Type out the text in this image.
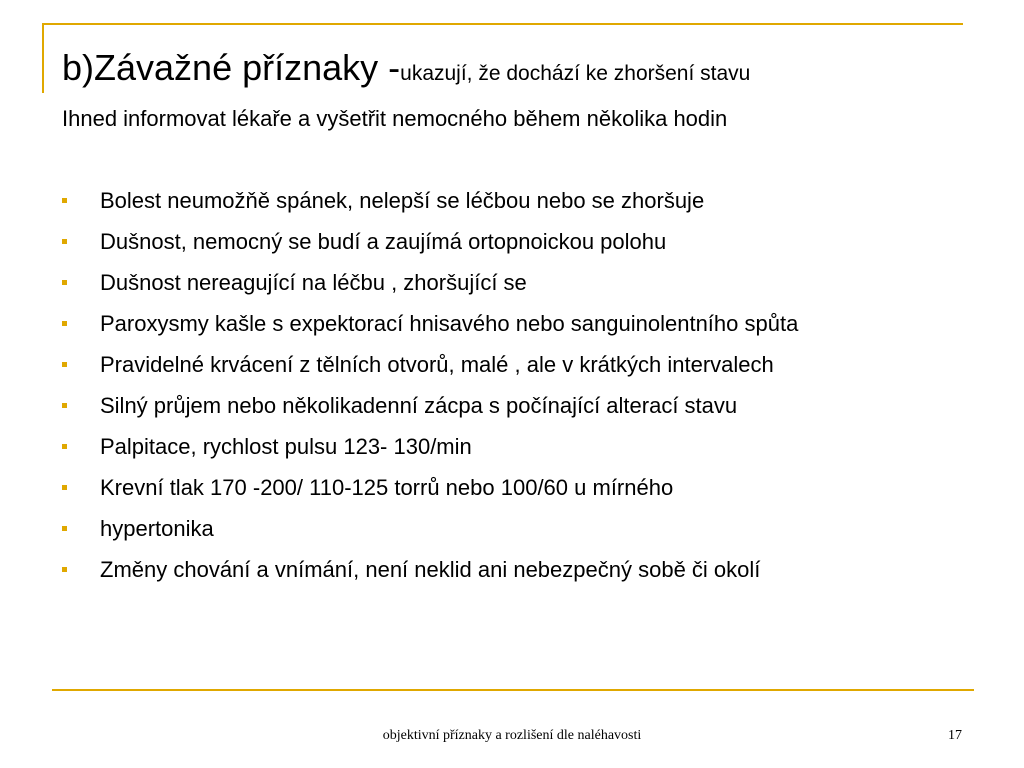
b)Závažné příznaky -ukazují, že dochází ke zhoršení stavu
Ihned informovat lékaře a vyšetřit nemocného během několika hodin
Bolest neumožňě spánek, nelepší se léčbou nebo se zhoršuje
Dušnost, nemocný se budí a zaujímá ortopnoickou polohu
Dušnost nereagující na léčbu , zhoršující se
Paroxysmy kašle s expektorací hnisavého nebo sanguinolentního spůta
Pravidelné krvácení z tělních otvorů, malé , ale v krátkých intervalech
Silný průjem nebo několikadenní zácpa s počínající alterací stavu
Palpitace, rychlost pulsu 123- 130/min
Krevní tlak 170 -200/ 110-125 torrů nebo 100/60 u mírného
hypertonika
Změny chování a vnímání, není neklid ani nebezpečný sobě či okolí
objektivní příznaky a rozlišení dle naléhavosti	17
